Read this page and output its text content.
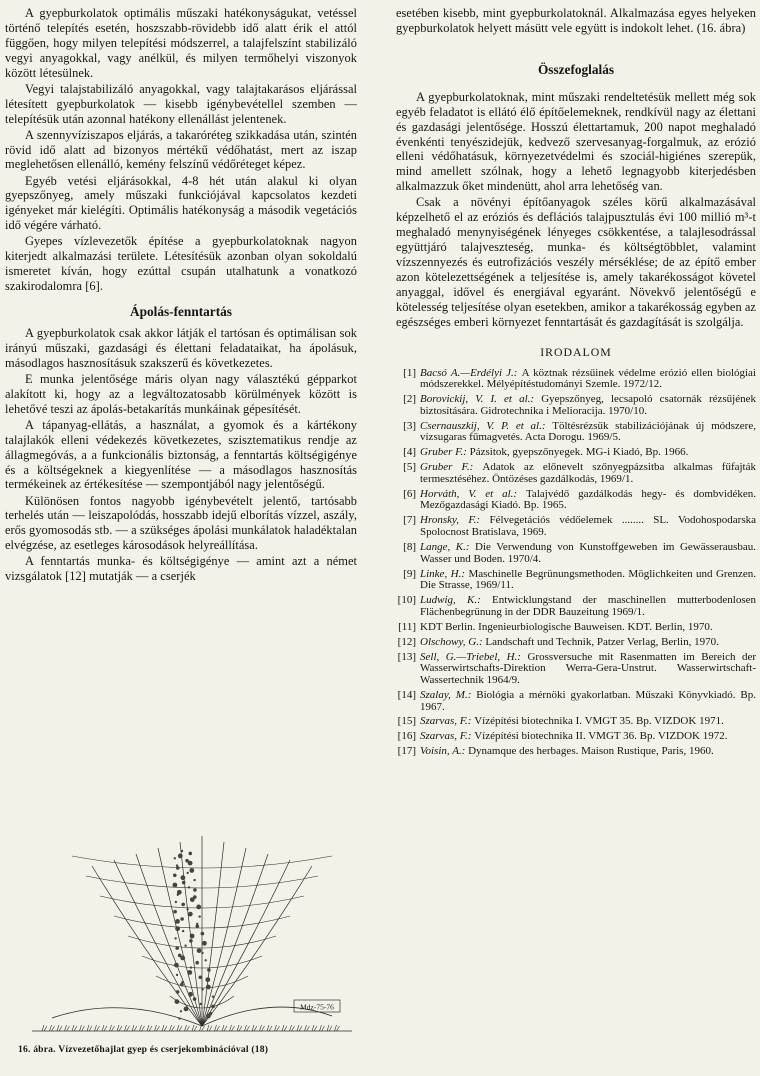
A gyepburkolatok optimális műszaki hatékonyságukat, vetéssel történő telepítés esetén, hoszszabb-rövidebb idő alatt érik el attól függően, hogy milyen telepítési módszerrel, a talajfelszínt stabilizáló vegyi anyagokkal, vagy anélkül, és milyen termőhelyi viszonyok között létesülnek.

Vegyi talajstabilizáló anyagokkal, vagy talajtakarásos eljárással létesített gyepburkolatok — kisebb igénybevétellel szemben — telepítésük után azonnal hatékony ellenállást jelentenek.

A szennyvíziszapos eljárás, a takaróréteg szikkadása után, szintén rövid idő alatt ad bizonyos mértékű védőhatást, mert az iszap meglehetősen ellenálló, kemény felszínű védőréteget képez.

Egyéb vetési eljárásokkal, 4-8 hét után alakul ki olyan gyepszőnyeg, amely műszaki funkciójával kapcsolatos kezdeti igényeket már kielégíti. Optimális hatékonyság a második vegetációs idő végére várható.

Gyepes vízlevezetők építése a gyepburkolatoknak nagyon kiterjedt alkalmazási területe. Létesítésük azonban olyan sokoldalú ismeretet kíván, hogy ezúttal csupán utalhatunk a vonatkozó szakirodalomra [6].

Ápolás-fenntartás

A gyepburkolatok csak akkor látják el tartósan és optimálisan sok irányú műszaki, gazdasági és élettani feladataikat, ha ápolásuk, másodlagos hasznosításuk szakszerű és következetes.

E munka jelentősége máris olyan nagy választékú gépparkot alakított ki, hogy az a legváltozatosabb körülmények között is lehetővé teszi az ápolás-betakarítás munkáinak gépesítését.

A tápanyag-ellátás, a használat, a gyomok és a kártékony talajlakók elleni védekezés következetes, szisztematikus rendje az állagmegóvás, a a funkcionális biztonság, a fenntartás költségigénye és a költségeknek a kiegyenlítése — a másodlagos hasznosítás termékeinek az értékesítése — szempontjából nagy jelentőségű.

Különösen fontos nagyobb igénybevételt jelentő, tartósabb terhelés után — leiszapolódás, hosszabb idejű elborítás vízzel, aszály, erős gyomosodás stb. — a szükséges ápolási munkálatok haladéktalan elvégzése, az esetleges károsodások helyreállítása.

A fenntartás munka- és költségigénye — amint azt a német vizsgálatok [12] mutatják — a cserjék

Mdz-75-76
16. ábra. Vízvezetőhajlat gyep és cserjekombinációval (18)

esetében kisebb, mint gyepburkolatoknál. Alkalmazása egyes helyeken gyepburkolatok helyett másütt vele együtt is indokolt lehet. (16. ábra)

Összefoglalás

A gyepburkolatoknak, mint műszaki rendeltetésük mellett még sok egyéb feladatot is ellátó élő építőelemeknek, rendkívül nagy az élettani és gazdasági jelentősége. Hosszú élettartamuk, 200 napot meghaladó évenkénti tenyészidejük, kedvező szervesanyag-forgalmuk, az erózió elleni védőhatásuk, környezetvédelmi és szociál-higiénes szerepük, mind amellett szólnak, hogy a lehető legnagyobb kiterjedésben alkalmazzuk őket mindenütt, ahol arra lehetőség van.

Csak a növényi építőanyagok széles körű alkalmazásával képzelhető el az eróziós és deflációs talajpusztulás évi 100 millió m³-t meghaladó menynyiségének lényeges csökkentése, a talajlesodrással együttjáró talajveszteség, munka- és költségtöbblet, valamint vízszennyezés és eutrofizációs veszély mérséklése; de az építő ember azon kötelezettségének a teljesítése is, amely takarékosságot követel anyaggal, idővel és energiával egyaránt. Növekvő jelentőségű e kötelesség teljesítése olyan esetekben, amikor a takarékosság egyben az egészséges emberi környezet fenntartását és gazdagítását is szolgálja.

IRODALOM
[1] Bacsó A.—Erdélyi J.: A köztnak rézsűinek védelme erózió ellen biológiai módszerekkel. Mélyépítéstudományi Szemle. 1972/12.
[2] Borovickij, V. I. et al.: Gyepszőnyeg, lecsapoló csatornák rézsűjének biztosítására. Gidrotechnika i Melioracija. 1970/10.
[3] Csernauszkij, V. P. et al.: Töltésrézsűk stabilizációjának új módszere, vízsugaras fűmagvetés. Acta Dorogu. 1969/5.
[4] Gruber F.: Pázsitok, gyepszőnyegek. MG-i Kiadó, Bp. 1966.
[5] Gruber F.: Adatok az előnevelt szőnyegpázsitba alkalmas fűfajták termesztéséhez. Öntözéses gazdálkodás, 1969/1.
[6] Horváth, V. et al.: Talajvédő gazdálkodás hegy- és dombvidéken. Mezőgazdasági Kiadó. Bp. 1965.
[7] Hronsky, F.: Félvegetációs védőelemek ........ SL. Vodohospodarska Spolocnost Bratislava, 1969.
[8] Lange, K.: Die Verwendung von Kunstoffgeweben im Gewässerausbau. Wasser und Boden. 1970/4.
[9] Linke, H.: Maschinelle Begrünungsmethoden. Möglichkeiten und Grenzen. Die Strasse, 1969/11.
[10] Ludwig, K.: Entwicklungstand der maschinellen mutterbodenlosen Flächenbegrünung in der DDR Bauzeitung 1969/1.
[11] KDT Berlin. Ingenieurbiologische Bauweisen. KDT. Berlin, 1970.
[12] Olschowy, G.: Landschaft und Technik, Patzer Verlag, Berlin, 1970.
[13] Sell, G.—Triebel, H.: Grossversuche mit Rasenmatten im Bereich der Wasserwirtschafts-Direktion Werra-Gera-Unstrut. Wasserwirtschaft-Wassertechnik 1964/9.
[14] Szalay, M.: Biológia a mérnöki gyakorlatban. Műszaki Könyvkiadó. Bp. 1967.
[15] Szarvas, F.: Vízépítési biotechnika I. VMGT 35. Bp. VIZDOK 1971.
[16] Szarvas, F.: Vízépítési biotechnika II. VMGT 36. Bp. VIZDOK 1972.
[17] Voisin, A.: Dynamque des herbages. Maison Rustique, Paris, 1960.
